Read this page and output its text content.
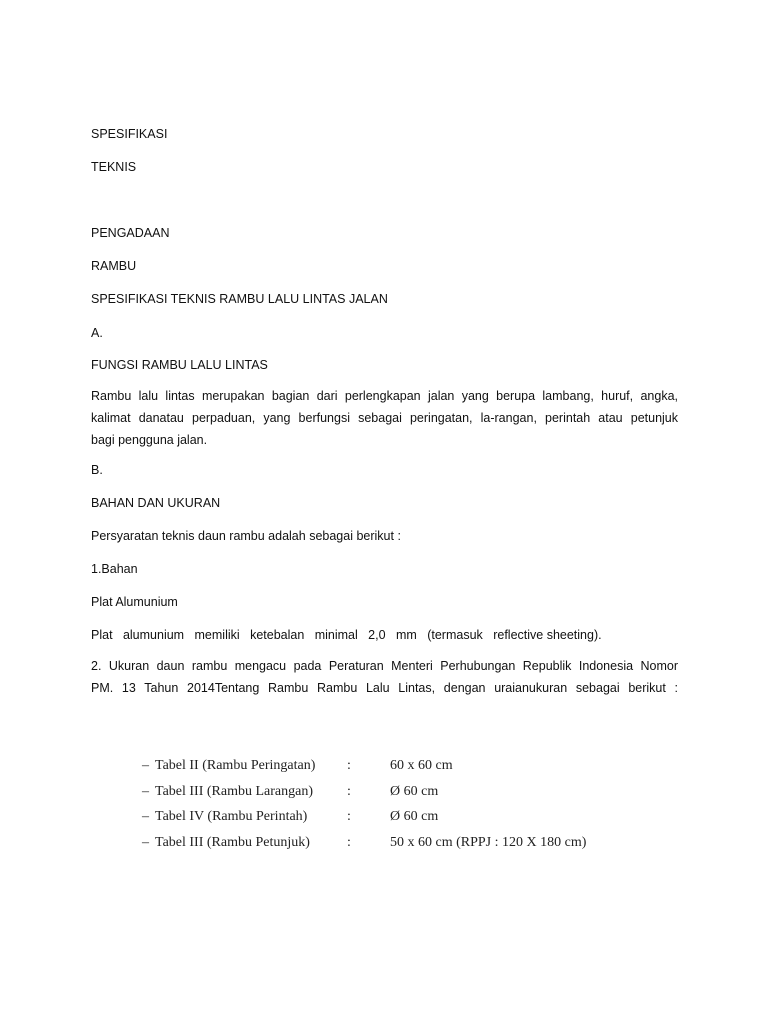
SPESIFIKASI
TEKNIS
PENGADAAN
RAMBU
SPESIFIKASI TEKNIS RAMBU LALU LINTAS JALAN
A.
FUNGSI RAMBU LALU LINTAS
Rambu lalu lintas merupakan bagian dari perlengkapan jalan yang berupa lambang, huruf, angka,
kalimat danatau perpaduan, yang berfungsi sebagai peringatan, la-rangan, perintah atau petunjuk
bagi pengguna jalan.
B.
BAHAN DAN UKURAN
Persyaratan teknis daun rambu adalah sebagai berikut :
1.Bahan
Plat Alumunium
Plat   alumunium   memiliki   ketebalan   minimal   2,0   mm   (termasuk   reflective sheeting).
2. Ukuran daun rambu mengacu pada Peraturan Menteri Perhubungan Republik Indonesia Nomor
PM. 13 Tahun 2014Tentang Rambu Rambu Lalu Lintas, dengan uraianukuran sebagai berikut :
– Tabel II (Rambu Peringatan) :	60 x 60 cm
– Tabel III (Rambu Larangan) :	Ø 60 cm
– Tabel IV (Rambu Perintah)	:	Ø 60 cm
– Tabel III (Rambu Petunjuk)	:	50 x 60 cm (RPPJ : 120 X 180 cm)
